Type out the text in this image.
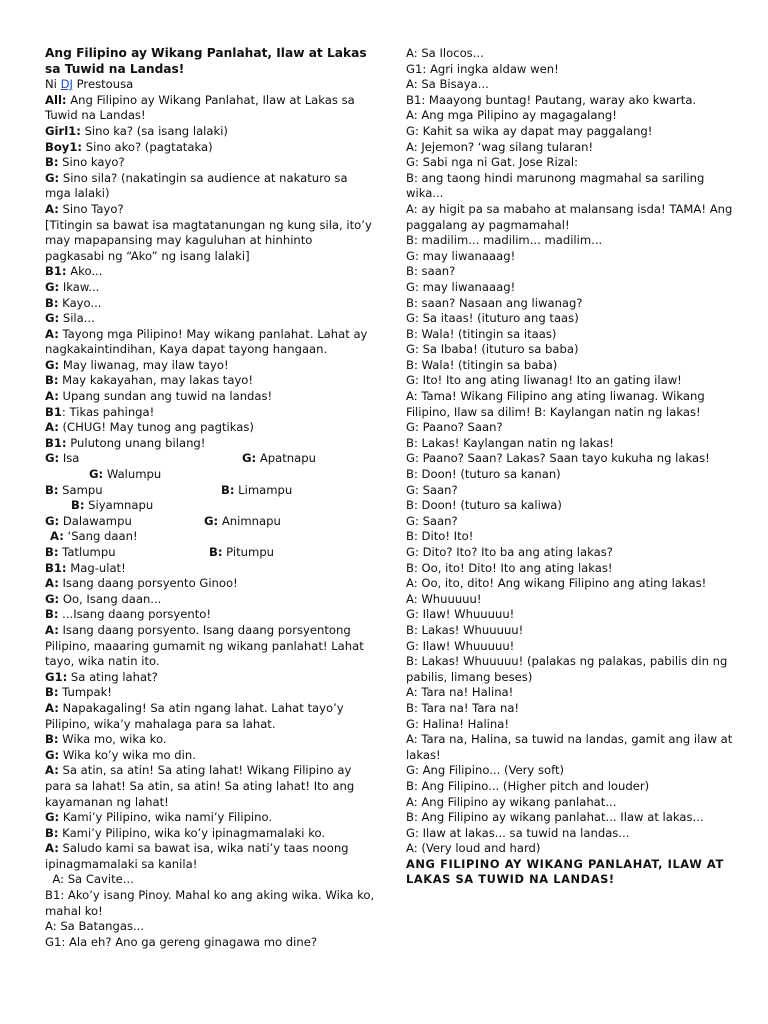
Ang Filipino ay Wikang Panlahat, Ilaw at Lakas sa Tuwid na Landas!

Ni DJ Prestousa

All: Ang Filipino ay Wikang Panlahat, Ilaw at Lakas sa Tuwid na Landas!

Girl1: Sino ka? (sa isang lalaki)

Boy1: Sino ako? (pagtataka)

B: Sino kayo?

G: Sino sila? (nakatingin sa audience at nakaturo sa mga lalaki)

A: Sino Tayo?

[Titingin sa bawat isa magtatanungan ng kung sila, ito’y may mapapansing may kaguluhan at hinhinto pagkasabi ng “Ako” ng isang lalaki]

B1: Ako...

G: Ikaw...

B: Kayo...

G: Sila...

A: Tayong mga Pilipino! May wikang panlahat. Lahat ay nagkakaintindihan, Kaya dapat tayong hangaan.

G: May liwanag, may ilaw tayo!

B: May kakayahan, may lakas tayo!

A: Upang sundan ang tuwid na landas!

B1: Tikas pahinga!

A: (CHUG! May tunog ang pagtikas)

B1: Pulutong unang bilang!

G: Isa	G: Apatnapu
G: Walumpu
B: Sampu	B: Limampu
B: Siyamnapu
G: Dalawampu	G: Animnapu
A: ‘Sang daan!
B: Tatlumpu	B: Pitumpu

B1: Mag-ulat!

A: Isang daang porsyento Ginoo!

G: Oo, Isang daan...

B: ...Isang daang porsyento!

A: Isang daang porsyento. Isang daang porsyentong Pilipino, maaaring gumamit ng wikang panlahat! Lahat tayo, wika natin ito.

G1: Sa ating lahat?

B: Tumpak!

A: Napakagaling! Sa atin ngang lahat. Lahat tayo’y Pilipino, wika’y mahalaga para sa lahat.

B: Wika mo, wika ko.

G: Wika ko’y wika mo din.

A: Sa atin, sa atin! Sa ating lahat! Wikang Filipino ay para sa lahat! Sa atin, sa atin! Sa ating lahat! Ito ang kayamanan ng lahat!

G: Kami’y Pilipino, wika nami’y Filipino.

B: Kami’y Pilipino, wika ko’y ipinagmamalaki ko.

A: Saludo kami sa bawat isa, wika nati’y taas noong ipinagmamalaki sa kanila!

A: Sa Cavite...

B1: Ako’y isang Pinoy. Mahal ko ang aking wika. Wika ko, mahal ko!

A: Sa Batangas...

G1: Ala eh? Ano ga gereng ginagawa mo dine?

A: Sa Ilocos...

G1: Agri ingka aldaw wen!

A: Sa Bisaya...

B1: Maayong buntag! Pautang, waray ako kwarta.

A: Ang mga Pilipino ay magagalang!

G: Kahit sa wika ay dapat may paggalang!

A: Jejemon? ‘wag silang tularan!

G: Sabi nga ni Gat. Jose Rizal:

B: ang taong hindi marunong magmahal sa sariling wika...

A: ay higit pa sa mabaho at malansang isda! TAMA! Ang paggalang ay pagmamahal!

B: madilim... madilim... madilim...

G: may liwanaaag!

B: saan?

G: may liwanaaag!

B: saan? Nasaan ang liwanag?

G: Sa itaas! (ituturo ang taas)

B: Wala! (titingin sa itaas)

G: Sa Ibaba! (ituturo sa baba)

B: Wala! (titingin sa baba)

G: Ito! Ito ang ating liwanag! Ito an gating ilaw!

A: Tama! Wikang Filipino ang ating liwanag. Wikang Filipino, Ilaw sa dilim! B: Kaylangan natin ng lakas!

G: Paano? Saan?

B: Lakas! Kaylangan natin ng lakas!

G: Paano? Saan? Lakas? Saan tayo kukuha ng lakas!

B: Doon! (tuturo sa kanan)

G: Saan?

B: Doon! (tuturo sa kaliwa)

G: Saan?

B: Dito! Ito!

G: Dito? Ito? Ito ba ang ating lakas?

B: Oo, ito! Dito! Ito ang ating lakas!

A: Oo, ito, dito! Ang wikang Filipino ang ating lakas!

A: Whuuuuu!

G: Ilaw! Whuuuuu!

B: Lakas! Whuuuuu!

G: Ilaw! Whuuuuu!

B: Lakas! Whuuuuu! (palakas ng palakas, pabilis din ng pabilis, limang beses)

A: Tara na! Halina!

B: Tara na! Tara na!

G: Halina! Halina!

A: Tara na, Halina, sa tuwid na landas, gamit ang ilaw at lakas!

G: Ang Filipino... (Very soft)

B: Ang Filipino... (Higher pitch and louder)

A: Ang Filipino ay wikang panlahat...

B: Ang Filipino ay wikang panlahat... Ilaw at lakas...

G: Ilaw at lakas... sa tuwid na landas...

A: (Very loud and hard)

ANG FILIPINO AY WIKANG PANLAHAT, ILAW AT LAKAS SA TUWID NA LANDAS!
